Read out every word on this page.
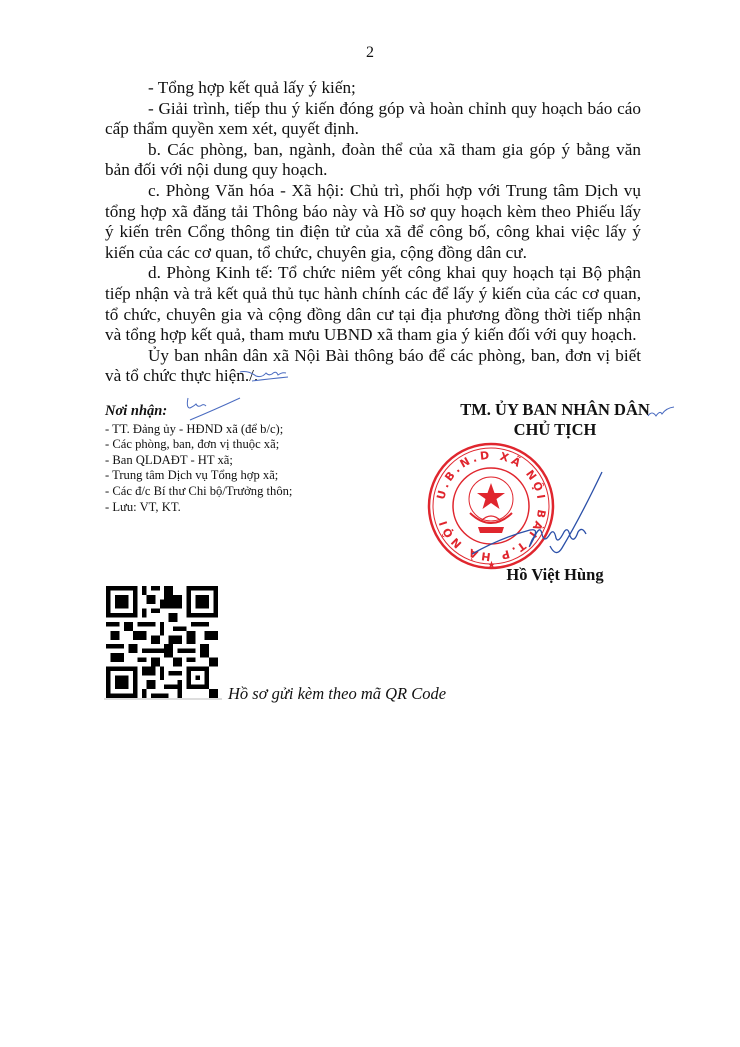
2

- Tổng hợp kết quả lấy ý kiến;

- Giải trình, tiếp thu ý kiến đóng góp và hoàn chỉnh quy hoạch báo cáo cấp thẩm quyền xem xét, quyết định.

b. Các phòng, ban, ngành, đoàn thể của xã tham gia góp ý bằng văn bản đối với nội dung quy hoạch.

c. Phòng Văn hóa - Xã hội: Chủ trì, phối hợp với Trung tâm Dịch vụ tổng hợp xã đăng tải Thông báo này và Hồ sơ quy hoạch kèm theo Phiếu lấy ý kiến trên Cổng thông tin điện tử của xã để công bố, công khai việc lấy ý kiến của các cơ quan, tổ chức, chuyên gia, cộng đồng dân cư.

d. Phòng Kinh tế: Tổ chức niêm yết công khai quy hoạch tại Bộ phận tiếp nhận và trả kết quả thủ tục hành chính các để lấy ý kiến của các cơ quan, tổ chức, chuyên gia và cộng đồng dân cư tại địa phương đồng thời tiếp nhận và tổng hợp kết quả, tham mưu UBND xã tham gia ý kiến đối với quy hoạch.

Ủy ban nhân dân xã Nội Bài thông báo để các phòng, ban, đơn vị biết và tổ chức thực hiện./.

Nơi nhận:
- TT. Đảng ủy - HĐND xã (để b/c);
- Các phòng, ban, đơn vị thuộc xã;
- Ban QLDAĐT - HT xã;
- Trung tâm Dịch vụ Tổng hợp xã;
- Các đ/c Bí thư Chi bộ/Trưởng thôn;
- Lưu: VT, KT.
TM. ỦY BAN NHÂN DÂN
CHỦ TỊCH
U.B.N.D XÃ NỘI BÀI T.P HÀ NỘI
★ Hồ Việt Hùng
Hồ sơ gửi kèm theo mã QR Code
